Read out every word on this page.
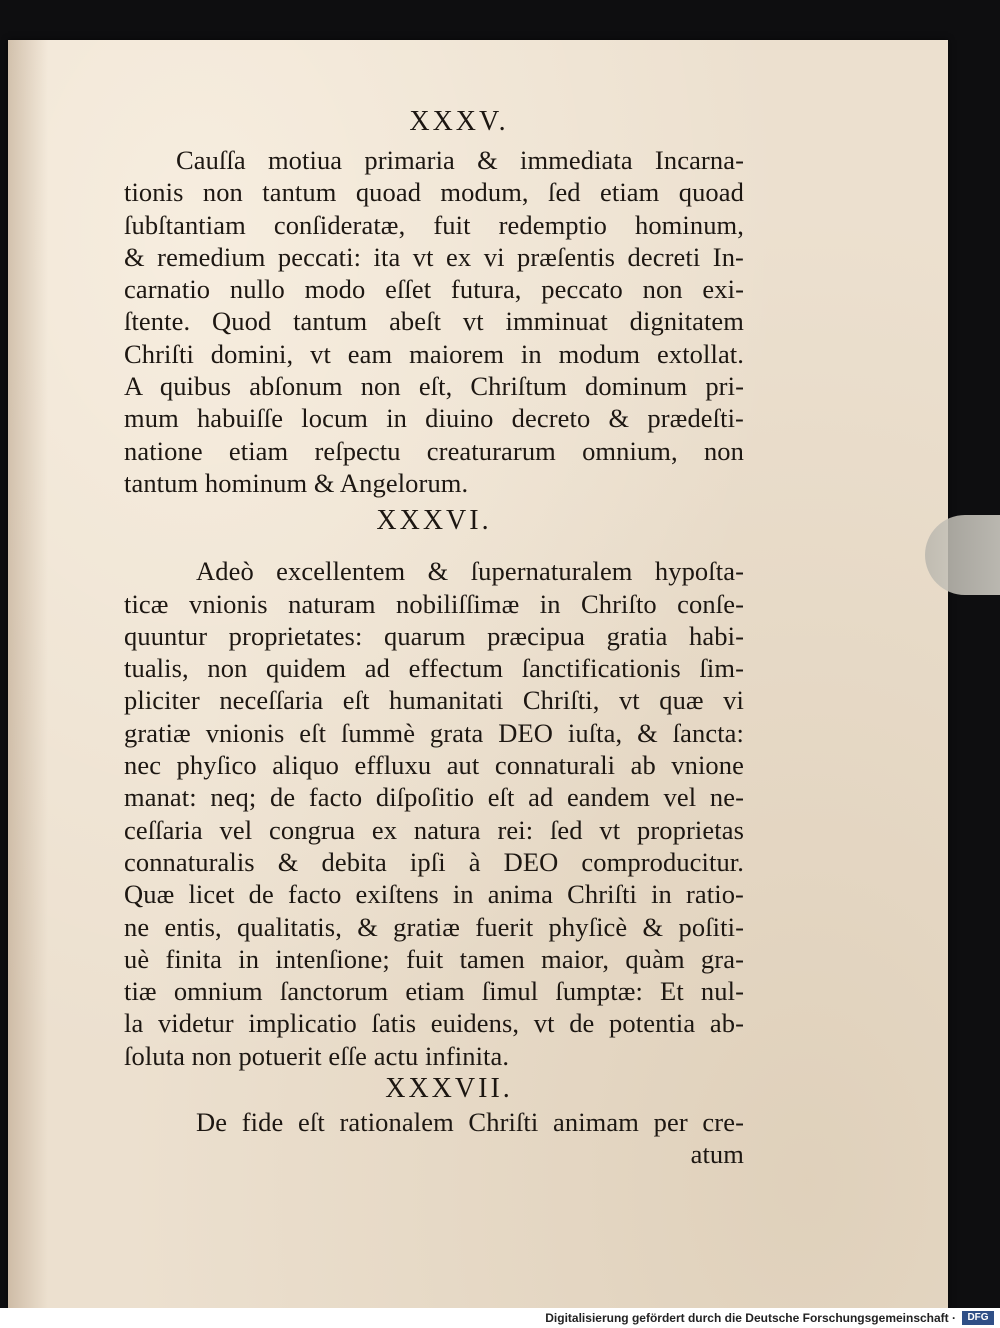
XXXV.
Cauſſa motiua primaria & immediata Incarna-
tionis non tantum quoad modum, ſed etiam quoad
ſubſtantiam conſideratæ, fuit redemptio hominum,
& remedium peccati: ita vt ex vi præſentis decreti In-
carnatio nullo modo eſſet futura, peccato non exi-
ſtente. Quod tantum abeſt vt imminuat dignitatem
Chriſti domini, vt eam maiorem in modum extollat.
A quibus abſonum non eſt, Chriſtum dominum pri-
mum habuiſſe locum in diuino decreto & prædeſti-
natione etiam reſpectu creaturarum omnium, non
tantum hominum & Angelorum.
XXXVI.
Adeò excellentem & ſupernaturalem hypoſta-
ticæ vnionis naturam nobiliſſimæ in Chriſto conſe-
quuntur proprietates: quarum præcipua gratia habi-
tualis, non quidem ad effectum ſanctificationis ſim-
pliciter neceſſaria eſt humanitati Chriſti, vt quæ vi
gratiæ vnionis eſt ſummè grata DEO iuſta, & ſancta:
nec phyſico aliquo effluxu aut connaturali ab vnione
manat: neq; de facto diſpoſitio eſt ad eandem vel ne-
ceſſaria vel congrua ex natura rei: ſed vt proprietas
connaturalis & debita ipſi à DEO comproducitur.
Quæ licet de facto exiſtens in anima Chriſti in ratio-
ne entis, qualitatis, & gratiæ fuerit phyſicè & poſiti-
uè finita in intenſione; fuit tamen maior, quàm gra-
tiæ omnium ſanctorum etiam ſimul ſumptæ: Et nul-
la videtur implicatio ſatis euidens, vt de potentia ab-
ſoluta non potuerit eſſe actu infinita.
XXXVII.
De fide eſt rationalem Chriſti animam per cre-
atum
Digitalisierung gefördert durch die Deutsche Forschungsgemeinschaft ·	DFG
